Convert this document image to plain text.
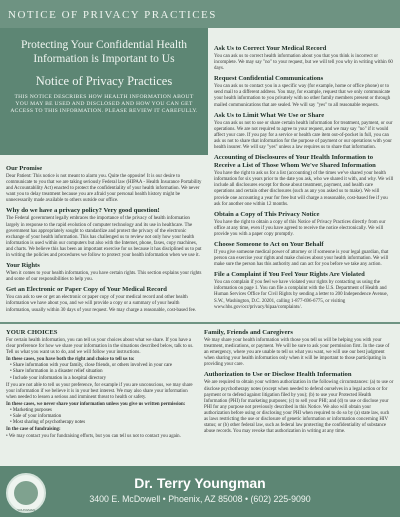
NOTICE OF PRIVACY PRACTICES
Protecting Your Confidential Health Information is Important to Us
Notice of Privacy Practices
THIS NOTICE DESCRIBES HOW HEALTH INFORMATION ABOUT YOU MAY BE USED AND DISCLOSED AND HOW YOU CAN GET ACCESS TO THIS INFORMATION. PLEASE REVIEW IT CAREFULLY.
Our Promise
Dear Patient: This notice is not meant to alarm you. Quite the opposite! It is our desire to communicate to you that we are taking seriously Federal law (HIPAA - Health Insurance Portability and Accountability Act) enacted to protect the confidentiality of your health information. We never want you to delay treatment because you are afraid your personal health history might be unnecessarily made available to others outside our office.
Why do we have a privacy policy? Very good question!
The Federal government legally embraces the importance of the privacy of health information largely in response to the rapid evolution of computer technology and its use in healthcare. The government has appropriately sought to standardize and protect the privacy of the electronic exchange of your health information. This has challenged us to review not only how your health information is used within our computers but also with the Internet, phone, faxes, copy machines, and charts. We believe this has been an important exercise for us because it has disciplined us to put in writing the policies and procedures we follow to protect your health information when we use it.
Your Rights
When it comes to your health information, you have certain rights. This section explains your rights and some of our responsibilities to help you.
Get an Electronic or Paper Copy of Your Medical Record
You can ask to see or get an electronic or paper copy of your medical record and other health information we have about you, and we will provide a copy or a summary of your health information, usually within 30 days of your request. We may charge a reasonable, cost-based fee.
Ask Us to Correct Your Medical Record
You can ask us to correct health information about you that you think is incorrect or incomplete. We may say "no" to your request, but we will tell you why in writing within 60 days.
Request Confidential Communications
You can ask us to contact you in a specific way (for example, home or office phone) or to send mail to a different address. You may, for example, request that we only communicate your health information to you privately with no other family members present or through mailed communications that are sealed. We will say "yes" to all reasonable requests.
Ask Us to Limit What We Use or Share
You can ask us not to use or share certain health information for treatment, payment, or our operations. We are not required to agree to your request, and we may say "no" if it would affect your care. If you pay for a service or health care item out-of-pocket in full, you can ask us not to share that information for the purpose of payment or our operations with your health insurer. We will say "yes" unless a law requires us to share that information.
Accounting of Disclosures of Your Health Information to Receive a List of Those Whom We've Shared Information
You have the right to ask us for a list (accounting) of the times we've shared your health information for six years prior to the date you ask, who we shared it with, and why. We will include all disclosures except for those about treatment, payment, and health care operations and certain other disclosures (such as any you asked us to make). We will provide one accounting a year for free but will charge a reasonable, cost-based fee if you ask for another one within 12 months.
Obtain a Copy of This Privacy Notice
You have the right to obtain a copy of this Notice of Privacy Practices directly from our office at any time, even if you have agreed to receive the notice electronically. We will provide you with a paper copy promptly.
Choose Someone to Act on Your Behalf
If you give someone medical power of attorney or if someone is your legal guardian, that person can exercise your rights and make choices about your health information. We will make sure the person has this authority and can act for you before we take any action.
File a Complaint if You Feel Your Rights Are Violated
You can complain if you feel we have violated your rights by contacting us using the information on page 1. You can file a complaint with the U.S. Department of Health and Human Services Office for Civil Rights by sending a letter to 200 Independence Avenue, S.W., Washington, D.C. 20201, calling 1-877-696-6775, or visiting www.hhs.gov/ocr/privacy/hipaa/complaints/.
YOUR CHOICES
For certain health information, you can tell us your choices about what we share. If you have a clear preference for how we share your information in the situations described below, talk to us. Tell us what you want us to do, and we will follow your instructions.
In these cases, you have both the right and choice to tell us to:
• Share information with your family, close friends, or others involved in your care
• Share information in a disaster relief situation
• Include your information in a hospital directory
If you are not able to tell us your preference, for example if you are unconscious, we may share your information if we believe it is in your best interest. We may also share your information when needed to lessen a serious and imminent threat to health or safety.
In these cases, we never share your information unless you give us written permission:
• Marketing purposes
• Sale of your information
• Most sharing of psychotherapy notes
In the case of fundraising:
• We may contact you for fundraising efforts, but you can tell us not to contact you again.
Family, Friends and Caregivers
We may share your health information with those you tell us will be helping you with your treatment, medications, or payment. We will be sure to ask your permission first. In the case of an emergency, where you are unable to tell us what you want, we will use our best judgment when sharing your health information only when it will be important to those participating in providing your care.
Authorization to Use or Disclose Health Information
We are required to obtain your written authorization in the following circumstances: (a) to use or disclose psychotherapy notes (except when needed to defend ourselves in a legal action or for payment or to defend against litigation filed by you); (b) to use your Protected Health Information (PHI) for marketing purposes; (c) to sell your PHI; and (d) to use or disclose your PHI for any purpose not previously described in this Notice. We also will obtain your authorization before using or disclosing your PHI when required to do so by (a) state law, such as laws restricting the use or disclosure of genetic information or information concerning HIV status; or (b) other federal law, such as federal law protecting the confidentiality of substance abuse records. You may revoke that authorization in writing at any time.
YOUNGMAN
Dr. Terry Youngman
3400 E. McDowell • Phoenix, AZ 85008 • (602) 225-9090
